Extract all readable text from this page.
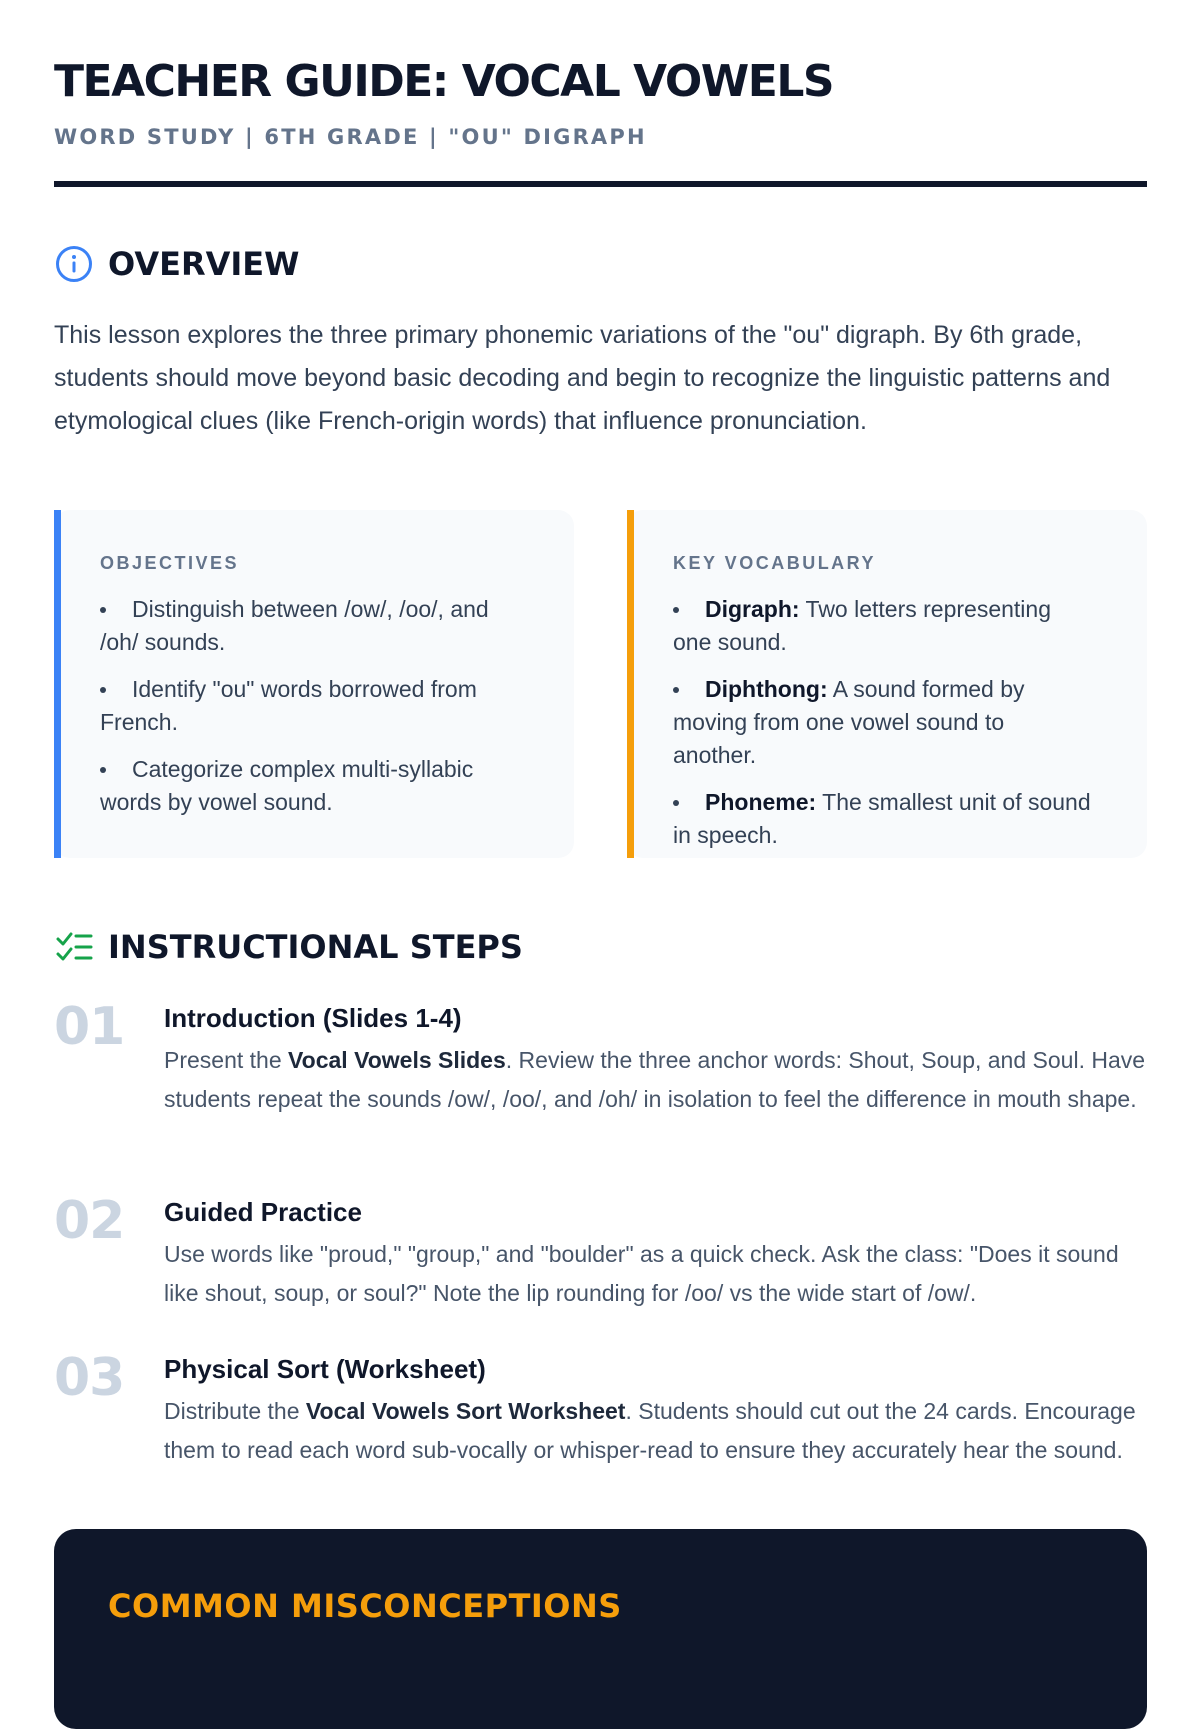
TEACHER GUIDE: VOCAL VOWELS
WORD STUDY | 6TH GRADE | "OU" DIGRAPH
OVERVIEW

This lesson explores the three primary phonemic variations of the "ou" digraph. By 6th grade, students should move beyond basic decoding and begin to recognize the linguistic patterns and etymological clues (like French-origin words) that influence pronunciation.

OBJECTIVES
Distinguish between /ow/, /oo/, and /oh/ sounds.
Identify "ou" words borrowed from French.
Categorize complex multi-syllabic words by vowel sound.
KEY VOCABULARY
Digraph: Two letters representing one sound.
Diphthong: A sound formed by moving from one vowel sound to another.
Phoneme: The smallest unit of sound in speech.
INSTRUCTIONAL STEPS
01 Introduction (Slides 1-4)

Present the Vocal Vowels Slides. Review the three anchor words: Shout, Soup, and Soul. Have students repeat the sounds /ow/, /oo/, and /oh/ in isolation to feel the difference in mouth shape.

02 Guided Practice

Use words like "proud," "group," and "boulder" as a quick check. Ask the class: "Does it sound like shout, soup, or soul?" Note the lip rounding for /oo/ vs the wide start of /ow/.

03 Physical Sort (Worksheet)

Distribute the Vocal Vowels Sort Worksheet. Students should cut out the 24 cards. Encourage them to read each word sub-vocally or whisper-read to ensure they accurately hear the sound.

COMMON MISCONCEPTIONS
